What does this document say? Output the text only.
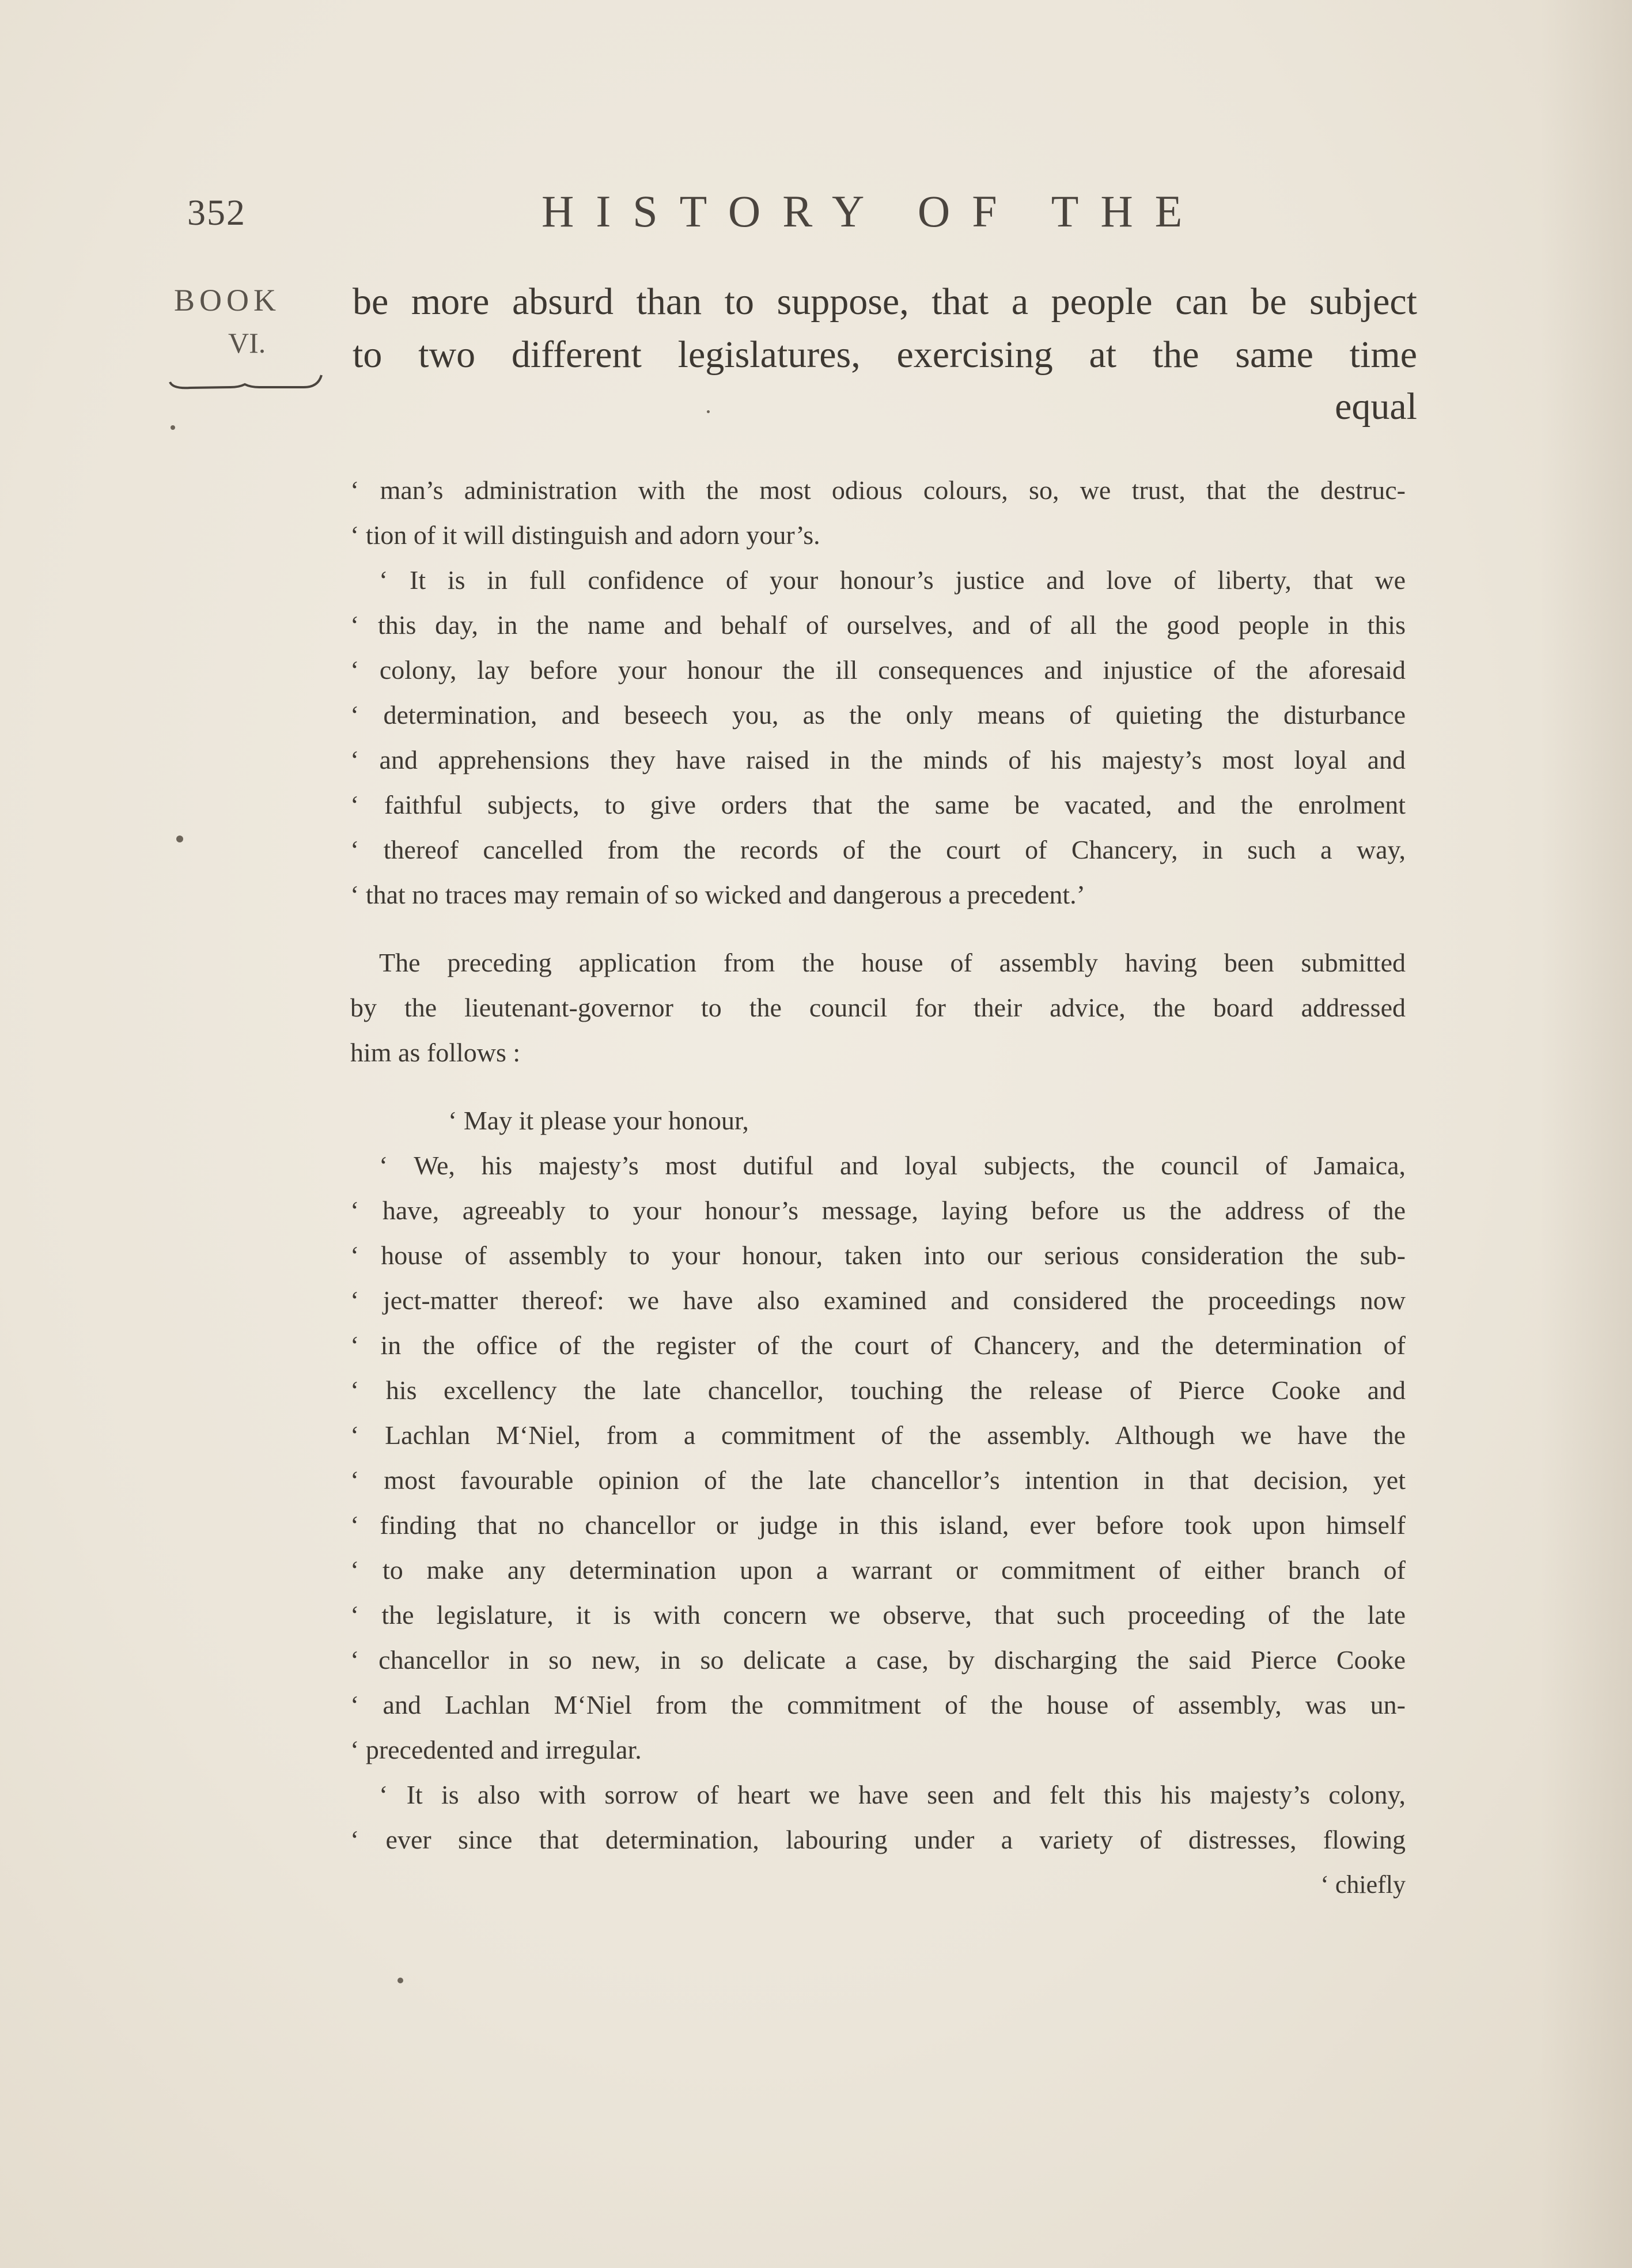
352	HISTORY OF THE
BOOK
VI.
be more absurd than to suppose, that a people can be subject
to two different legislatures, exercising at the same time
equal
‘ man’s administration with the most odious colours, so, we trust, that the destruc-
‘ tion of it will distinguish and adorn your’s.
‘ It is in full confidence of your honour’s justice and love of liberty, that we
‘ this day, in the name and behalf of ourselves, and of all the good people in this
‘ colony, lay before your honour the ill consequences and injustice of the aforesaid
‘ determination, and beseech you, as the only means of quieting the disturbance
‘ and apprehensions they have raised in the minds of his majesty’s most loyal and
‘ faithful subjects, to give orders that the same be vacated, and the enrolment
‘ thereof cancelled from the records of the court of Chancery, in such a way,
‘ that no traces may remain of so wicked and dangerous a precedent.’
The preceding application from the house of assembly having been submitted
by the lieutenant-governor to the council for their advice, the board addressed
him as follows :
‘ May it please your honour,
‘ We, his majesty’s most dutiful and loyal subjects, the council of Jamaica,
‘ have, agreeably to your honour’s message, laying before us the address of the
‘ house of assembly to your honour, taken into our serious consideration the sub-
‘ ject-matter thereof: we have also examined and considered the proceedings now
‘ in the office of the register of the court of Chancery, and the determination of
‘ his excellency the late chancellor, touching the release of Pierce Cooke and
‘ Lachlan M‘Niel, from a commitment of the assembly. Although we have the
‘ most favourable opinion of the late chancellor’s intention in that decision, yet
‘ finding that no chancellor or judge in this island, ever before took upon himself
‘ to make any determination upon a warrant or commitment of either branch of
‘ the legislature, it is with concern we observe, that such proceeding of the late
‘ chancellor in so new, in so delicate a case, by discharging the said Pierce Cooke
‘ and Lachlan M‘Niel from the commitment of the house of assembly, was un-
‘ precedented and irregular.
‘ It is also with sorrow of heart we have seen and felt this his majesty’s colony,
‘ ever since that determination, labouring under a variety of distresses, flowing
‘ chiefly
